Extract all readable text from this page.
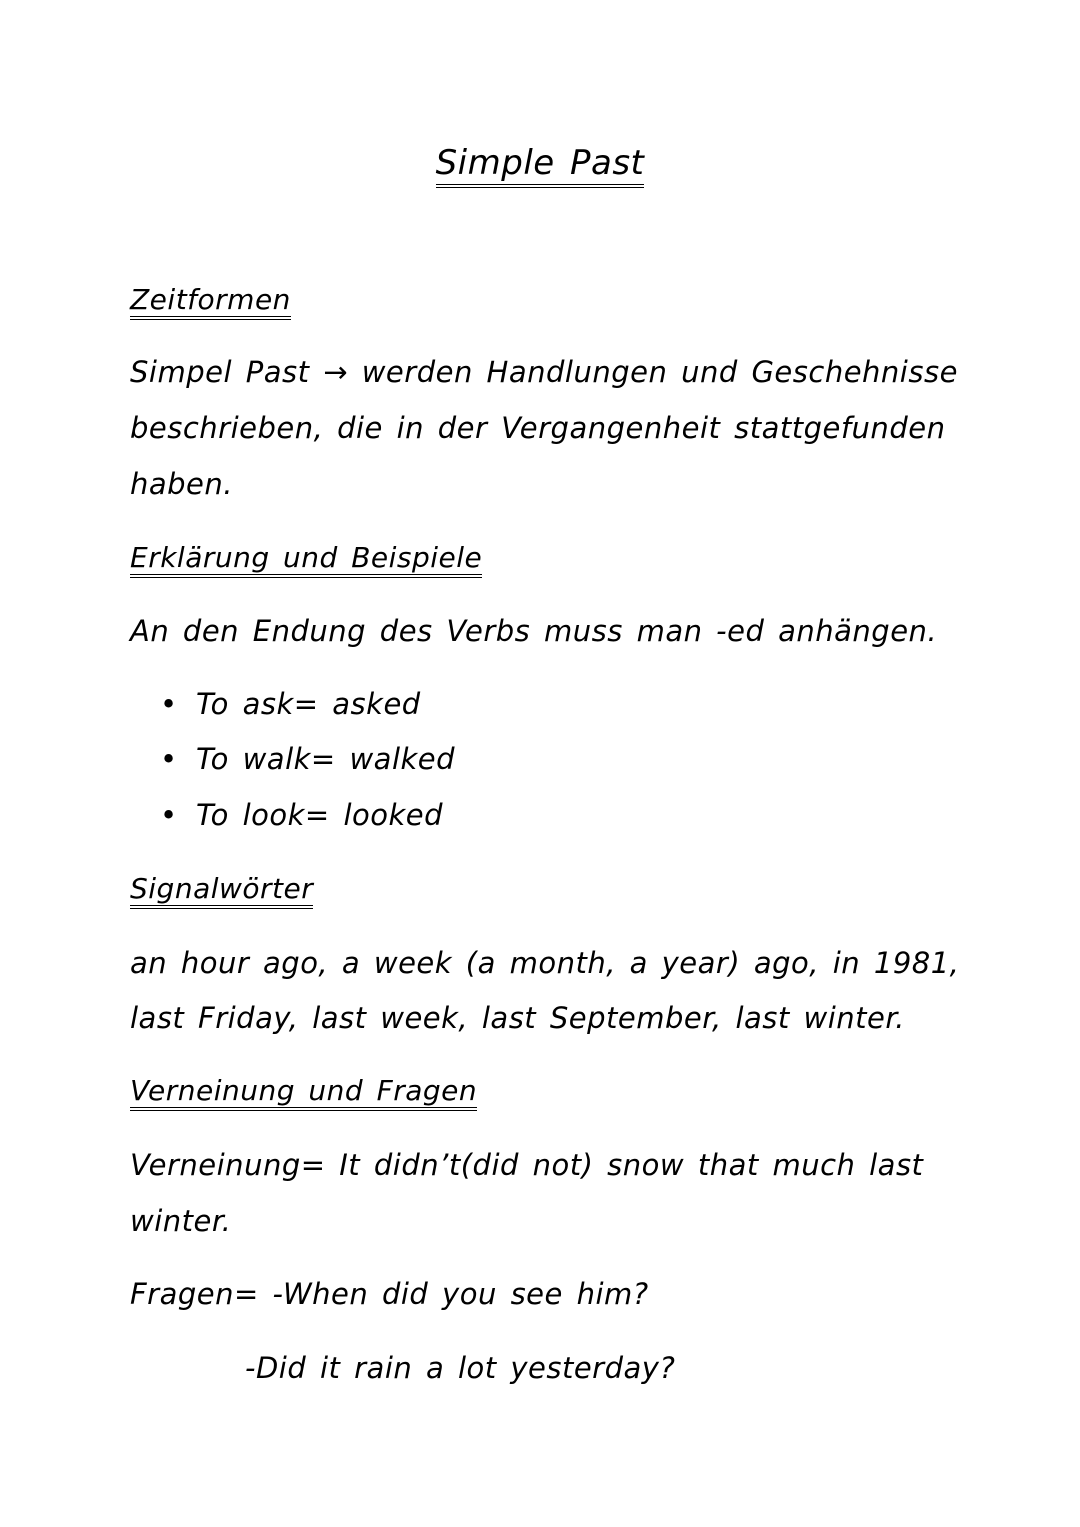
Simple Past
Zeitformen
Simpel Past → werden Handlungen und Geschehnisse
beschrieben, die in der Vergangenheit stattgefunden
haben.
Erklärung und Beispiele
An den Endung des Verbs muss man -ed anhängen.
• To ask= asked
• To walk= walked
• To look= looked
Signalwörter
an hour ago, a week (a month, a year) ago, in 1981,
last Friday, last week, last September, last winter.
Verneinung und Fragen
Verneinung= It didn’t(did not) snow that much last
winter.
Fragen= -When did you see him?
-Did it rain a lot yesterday?
